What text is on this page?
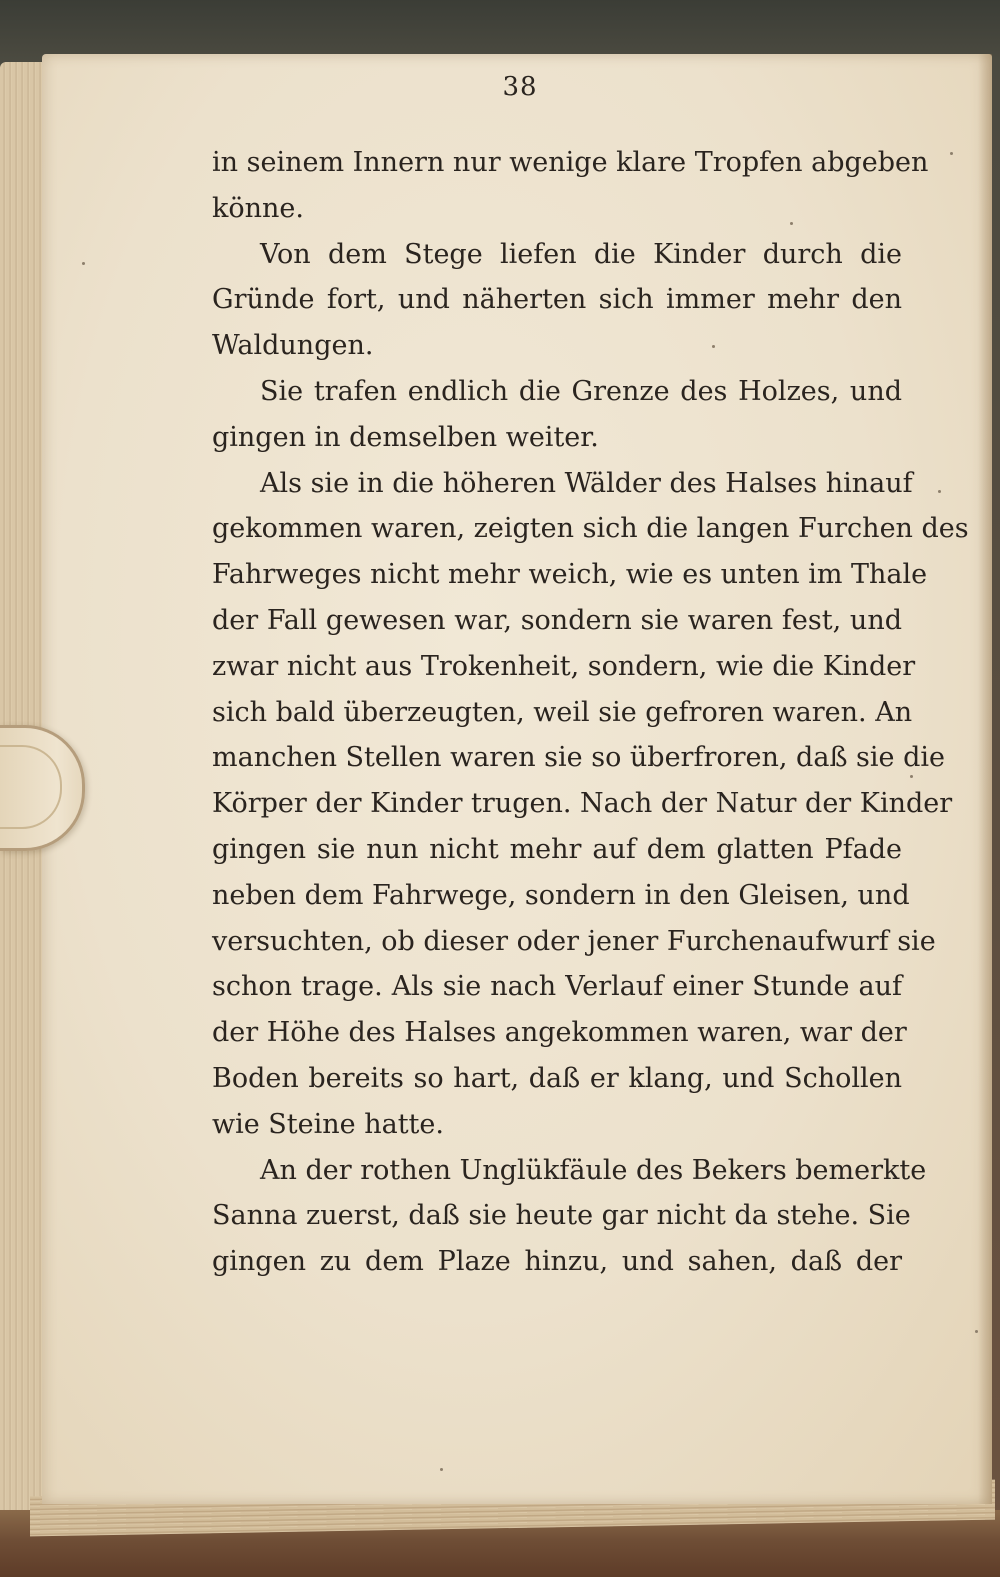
38
in seinem Innern nur wenige klare Tropfen abgeben
könne.
Von dem Stege liefen die Kinder durch die
Gründe fort, und näherten sich immer mehr den
Waldungen.
Sie trafen endlich die Grenze des Holzes, und
gingen in demselben weiter.
Als sie in die höheren Wälder des Halses hinauf
gekommen waren, zeigten sich die langen Furchen des
Fahrweges nicht mehr weich, wie es unten im Thale
der Fall gewesen war, sondern sie waren fest, und
zwar nicht aus Trokenheit, sondern, wie die Kinder
sich bald überzeugten, weil sie gefroren waren. An
manchen Stellen waren sie so überfroren, daß sie die
Körper der Kinder trugen. Nach der Natur der Kinder
gingen sie nun nicht mehr auf dem glatten Pfade
neben dem Fahrwege, sondern in den Gleisen, und
versuchten, ob dieser oder jener Furchenaufwurf sie
schon trage. Als sie nach Verlauf einer Stunde auf
der Höhe des Halses angekommen waren, war der
Boden bereits so hart, daß er klang, und Schollen
wie Steine hatte.
An der rothen Unglükfäule des Bekers bemerkte
Sanna zuerst, daß sie heute gar nicht da stehe. Sie
gingen zu dem Plaze hinzu, und sahen, daß der
